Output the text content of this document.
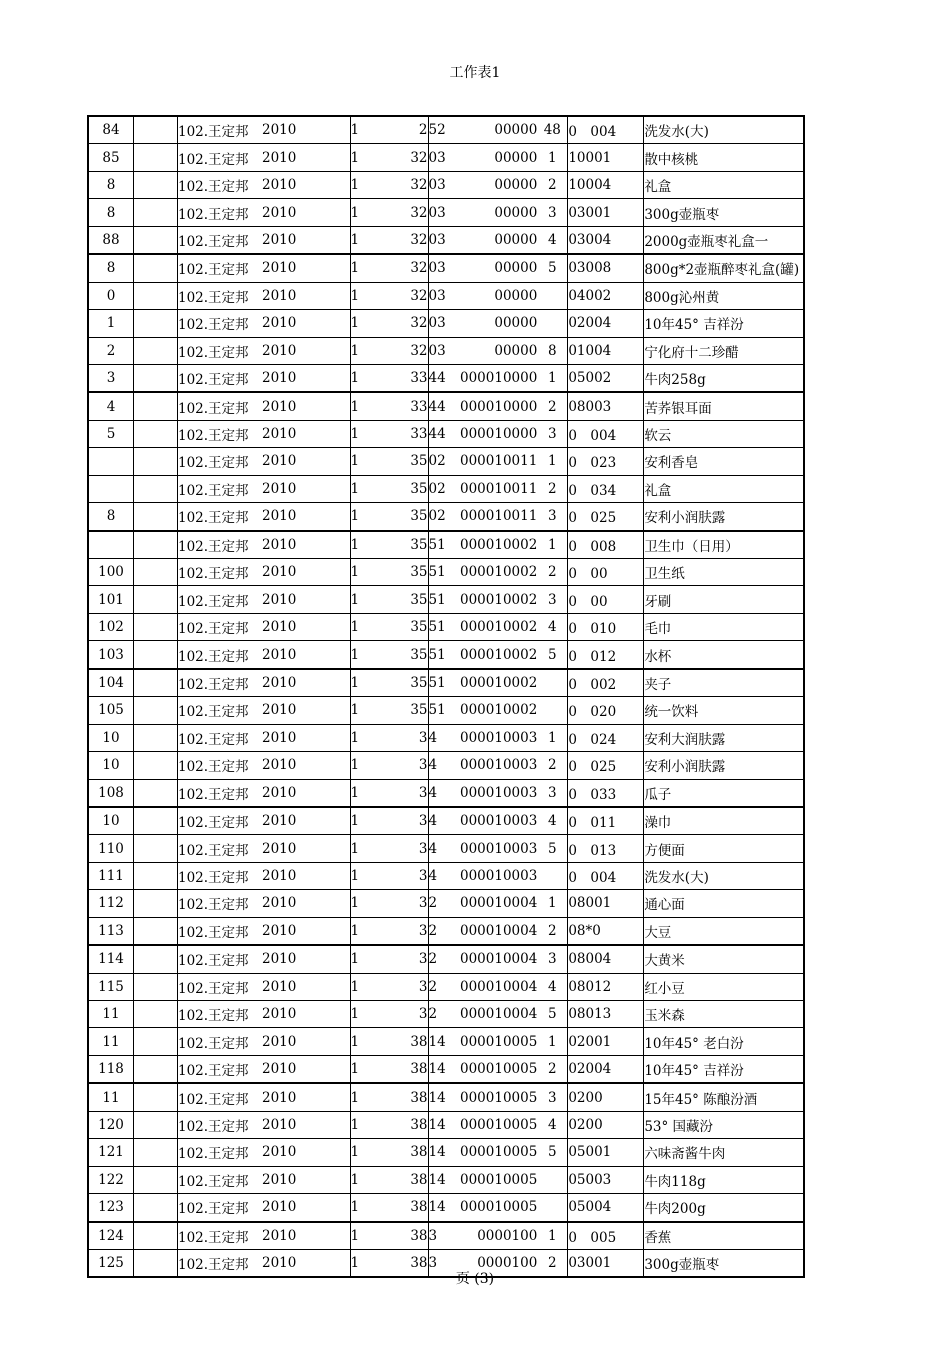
工作表1
84		102.王定邦	2010	1	2	52	00000	48	0　004	洗发水(大)
85		102.王定邦	2010	1	32	03	00000	1	10001	散中核桃
8		102.王定邦	2010	1	32	03	00000	2	10004	礼盒
8		102.王定邦	2010	1	32	03	00000	3	03001	300g壶瓶枣
88		102.王定邦	2010	1	32	03	00000	4	03004	2000g壶瓶枣礼盒一
8		102.王定邦	2010	1	32	03	00000	5	03008	800g*2壶瓶醉枣礼盒(罐)
0		102.王定邦	2010	1	32	03	00000		04002	800g沁州黄
1		102.王定邦	2010	1	32	03	00000		02004	10年45° 吉祥汾
2		102.王定邦	2010	1	32	03	00000	8	01004	宁化府十二珍醋
3		102.王定邦	2010	1	33	44	000010000	1	05002	牛肉258g
4		102.王定邦	2010	1	33	44	000010000	2	08003	苦荞银耳面
5		102.王定邦	2010	1	33	44	000010000	3	0　004	软云
		102.王定邦	2010	1	35	02	000010011	1	0　023	安利香皂
		102.王定邦	2010	1	35	02	000010011	2	0　034	礼盒
8		102.王定邦	2010	1	35	02	000010011	3	0　025	安利小润肤露
		102.王定邦	2010	1	35	51	000010002	1	0　008	卫生巾（日用）
100		102.王定邦	2010	1	35	51	000010002	2	0　00	卫生纸
101		102.王定邦	2010	1	35	51	000010002	3	0　00	牙刷
102		102.王定邦	2010	1	35	51	000010002	4	0　010	毛巾
103		102.王定邦	2010	1	35	51	000010002	5	0　012	水杯
104		102.王定邦	2010	1	35	51	000010002		0　002	夹子
105		102.王定邦	2010	1	35	51	000010002		0　020	统一饮料
10		102.王定邦	2010	1	3	4	000010003	1	0　024	安利大润肤露
10		102.王定邦	2010	1	3	4	000010003	2	0　025	安利小润肤露
108		102.王定邦	2010	1	3	4	000010003	3	0　033	瓜子
10		102.王定邦	2010	1	3	4	000010003	4	0　011	澡巾
110		102.王定邦	2010	1	3	4	000010003	5	0　013	方便面
111		102.王定邦	2010	1	3	4	000010003		0　004	洗发水(大)
112		102.王定邦	2010	1	3	2	000010004	1	08001	通心面
113		102.王定邦	2010	1	3	2	000010004	2	08*0	大豆
114		102.王定邦	2010	1	3	2	000010004	3	08004	大黄米
115		102.王定邦	2010	1	3	2	000010004	4	08012	红小豆
11		102.王定邦	2010	1	3	2	000010004	5	08013	玉米森
11		102.王定邦	2010	1	38	14	000010005	1	02001	10年45° 老白汾
118		102.王定邦	2010	1	38	14	000010005	2	02004	10年45° 吉祥汾
11		102.王定邦	2010	1	38	14	000010005	3	0200	15年45° 陈酿汾酒
120		102.王定邦	2010	1	38	14	000010005	4	0200	53° 国藏汾
121		102.王定邦	2010	1	38	14	000010005	5	05001	六味斋酱牛肉
122		102.王定邦	2010	1	38	14	000010005		05003	牛肉118g
123		102.王定邦	2010	1	38	14	000010005		05004	牛肉200g
124		102.王定邦	2010	1	38	3	0000100	1	0　005	香蕉
125		102.王定邦	2010	1	38	3	0000100	2	03001	300g壶瓶枣
页 (3)
